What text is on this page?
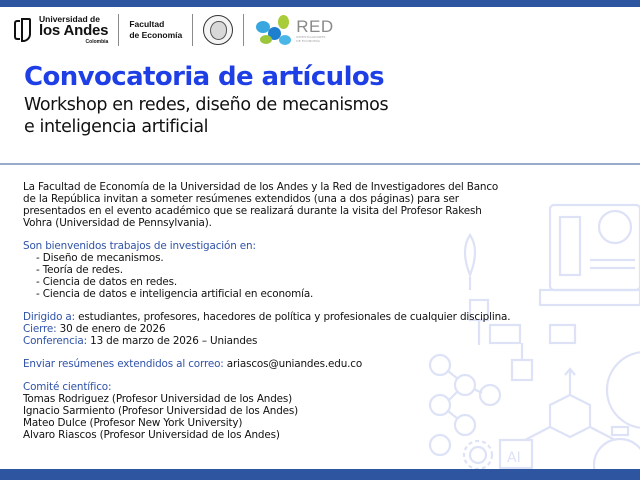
Universidad de
los Andes
Colombia
Facultad
de Economía	RED
INVESTIGADORES
DE ECONOMÍA
Convocatoria de artículos
Workshop en redes, diseño de mecanismos
e inteligencia artificial
AI

La Facultad de Economía de la Universidad de los Andes y la Red de Investigadores del Banco

de la República invitan a someter resúmenes extendidos (una a dos páginas) para ser

presentados en el evento académico que se realizará durante la visita del Profesor Rakesh

Vohra (Universidad de Pennsylvania).

Son bienvenidos trabajos de investigación en:

- Diseño de mecanismos.
- Teoría de redes.
- Ciencia de datos en redes.
- Ciencia de datos e inteligencia artificial en economía.

Dirigido a: estudiantes, profesores, hacedores de política y profesionales de cualquier disciplina.

Cierre: 30 de enero de 2026

Conferencia: 13 de marzo de 2026 – Uniandes

Enviar resúmenes extendidos al correo: ariascos@uniandes.edu.co

Comité científico:

Tomas Rodriguez (Profesor Universidad de los Andes)

Ignacio Sarmiento (Profesor Universidad de los Andes)

Mateo Dulce (Profesor New York University)

Alvaro Riascos (Profesor Universidad de los Andes)
